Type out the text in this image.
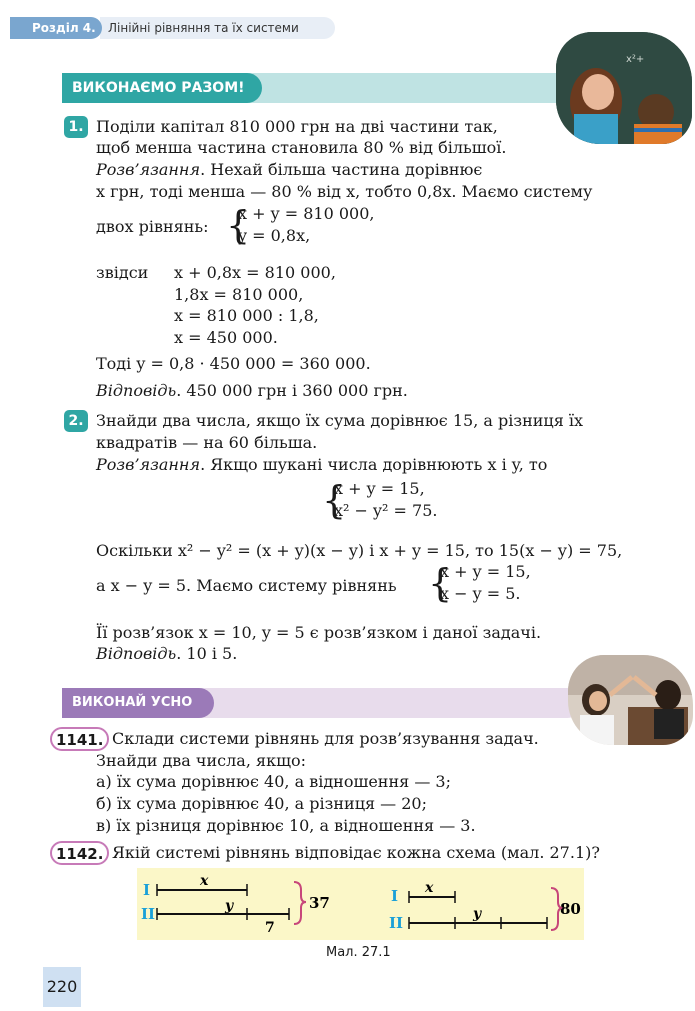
Лінійні рівняння та їх системи
Розділ 4.
ВИКОНАЄМО РАЗОМ!
x²+
1. Поділи капітал 810 000 грн на дві частини так,
щоб менша частина становила 80 % від більшої.
Розв’язання. Нехай більша частина дорівнює
x грн, тоді менша — 80 % від x, тобто 0,8x. Маємо систему
двох рівнянь: {
x + y = 810 000,
y = 0,8x,
звідси x + 0,8x = 810 000,
1,8x = 810 000,
x = 810 000 : 1,8,
x = 450 000.
Тоді y = 0,8 · 450 000 = 360 000.
Відповідь. 450 000 грн і 360 000 грн.
2. Знайди два числа, якщо їх сума дорівнює 15, а різниця їх
квадратів — на 60 більша.
Розв’язання. Якщо шукані числа дорівнюють x і y, то
{
x + y = 15,
x² − y² = 75.
Оскільки x² − y² = (x + y)(x − y) і x + y = 15, то 15(x − y) = 75,
а x − y = 5. Маємо систему рівнянь {
x + y = 15,
x − y = 5.
Її розв’язок x = 10, y = 5 є розв’язком і даної задачі.
Відповідь. 10 і 5.
ВИКОНАЙ УСНО
1141. Склади системи рівнянь для розв’язування задач.
Знайди два числа, якщо:
а) їх сума дорівнює 40, а відношення — 3;
б) їх сума дорівнює 40, а різниця — 20;
в) їх різниця дорівнює 10, а відношення — 3.
1142. Якій системі рівнянь відповідає кожна схема (мал. 27.1)?
I
II
x
y
7
37	I
II
x
y	80
Мал. 27.1
220
